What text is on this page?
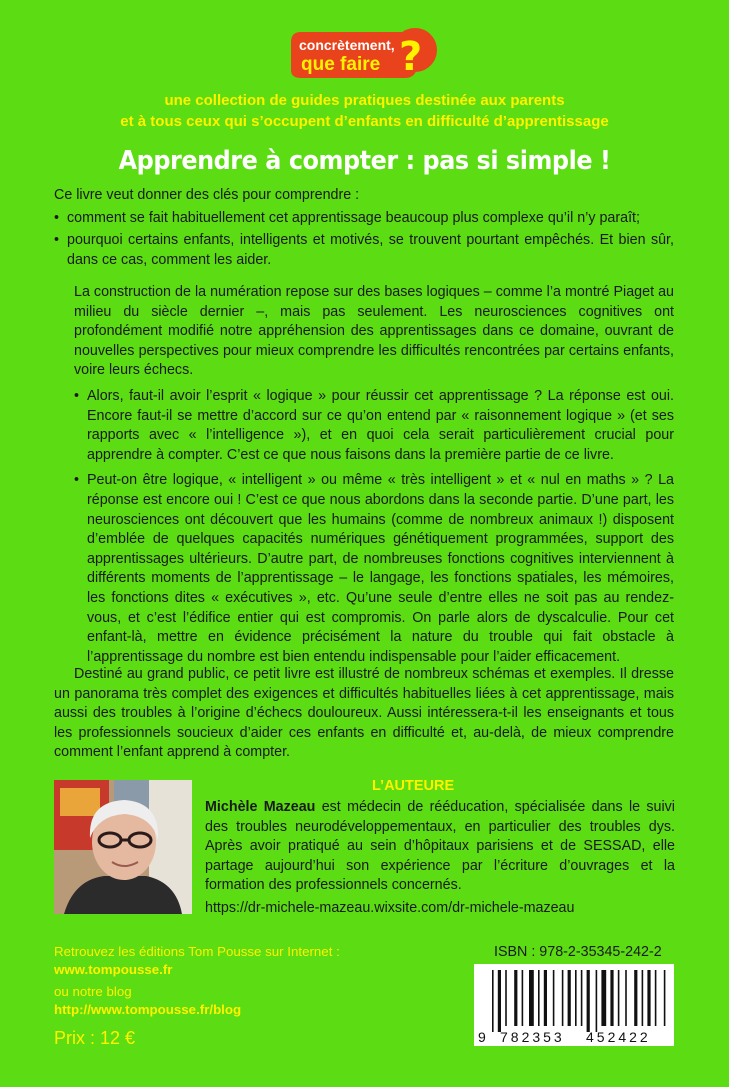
concrètement,
que faire ?
une collection de guides pratiques destinée aux parents
et à tous ceux qui s’occupent d’enfants en difficulté d’apprentissage
Apprendre à compter : pas si simple !

Ce livre veut donner des clés pour comprendre :

• comment se fait habituellement cet apprentissage beaucoup plus complexe qu’il n’y paraît;

• pourquoi certains enfants, intelligents et motivés, se trouvent pourtant empêchés. Et bien sûr, dans ce cas, comment les aider.

La construction de la numération repose sur des bases logiques – comme l’a montré Piaget au milieu du siècle dernier –, mais pas seulement. Les neurosciences cognitives ont profondément modifié notre appréhension des apprentissages dans ce domaine, ouvrant de nouvelles perspectives pour mieux comprendre les difficultés rencontrées par certains enfants, voire leurs échecs.

• Alors, faut-il avoir l’esprit « logique » pour réussir cet apprentissage ? La réponse est oui. Encore faut-il se mettre d’accord sur ce qu’on entend par « raisonnement logique » (et ses rapports avec « l’intelligence »), et en quoi cela serait particulièrement crucial pour apprendre à compter. C’est ce que nous faisons dans la première partie de ce livre.

• Peut-on être logique, « intelligent » ou même « très intelligent » et « nul en maths » ? La réponse est encore oui ! C’est ce que nous abordons dans la seconde partie. D’une part, les neurosciences ont découvert que les humains (comme de nombreux animaux !) disposent d’emblée de quelques capacités numériques génétiquement programmées, support des apprentissages ultérieurs. D’autre part, de nombreuses fonctions cognitives interviennent à différents moments de l’apprentissage – le langage, les fonctions spatiales, les mémoires, les fonctions dites « exécutives », etc. Qu’une seule d’entre elles ne soit pas au rendez-vous, et c’est l’édifice entier qui est compromis. On parle alors de dyscalculie. Pour cet enfant-là, mettre en évidence précisément la nature du trouble qui fait obstacle à l’apprentissage du nombre est bien entendu indispensable pour l’aider efficacement.

Destiné au grand public, ce petit livre est illustré de nombreux schémas et exemples. Il dresse un panorama très complet des exigences et difficultés habituelles liées à cet apprentissage, mais aussi des troubles à l’origine d’échecs douloureux. Aussi intéressera-t-il les enseignants et tous les professionnels soucieux d’aider ces enfants en difficulté et, au-delà, de mieux comprendre comment l’enfant apprend à compter.

L’AUTEURE
Michèle Mazeau est médecin de rééducation, spécialisée dans le suivi des troubles neurodéveloppementaux, en particulier des troubles dys. Après avoir pratiqué au sein d’hôpitaux parisiens et de SESSAD, elle partage aujourd’hui son expérience par l’écriture d’ouvrages et la formation des professionnels concernés.
https://dr-michele-mazeau.wixsite.com/dr-michele-mazeau
Retrouvez les éditions Tom Pousse sur Internet :
www.tompousse.fr
ou notre blog
http://www.tompousse.fr/blog
Prix : 12 €
ISBN : 978-2-35345-242-2
9 782353 452422
